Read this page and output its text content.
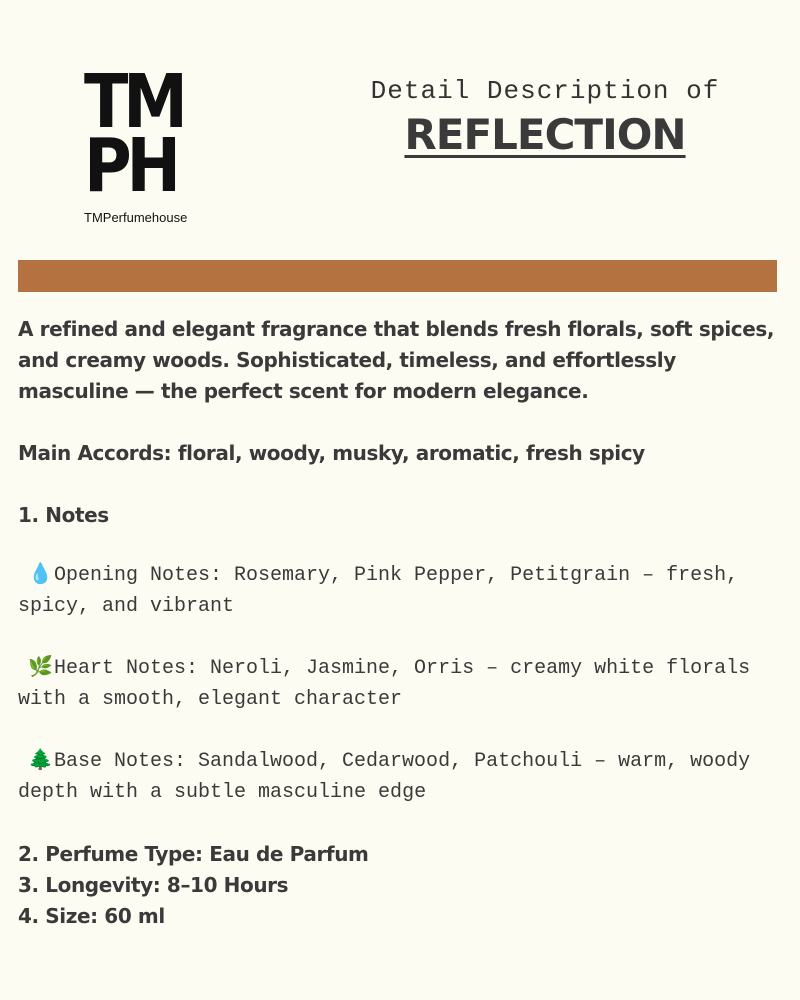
TM
PH
TMPerfumehouse
Detail Description of
REFLECTION

A refined and elegant fragrance that blends fresh florals, soft spices, and creamy woods. Sophisticated, timeless, and effortlessly masculine — the perfect scent for modern elegance.

Main Accords: floral, woody, musky, aromatic, fresh spicy

1. Notes

💧Opening Notes: Rosemary, Pink Pepper, Petitgrain – fresh, spicy, and vibrant

🌿Heart Notes: Neroli, Jasmine, Orris – creamy white florals with a smooth, elegant character

🌲Base Notes: Sandalwood, Cedarwood, Patchouli – warm, woody depth with a subtle masculine edge

2. Perfume Type: Eau de Parfum

3. Longevity: 8–10 Hours

4. Size: 60 ml
